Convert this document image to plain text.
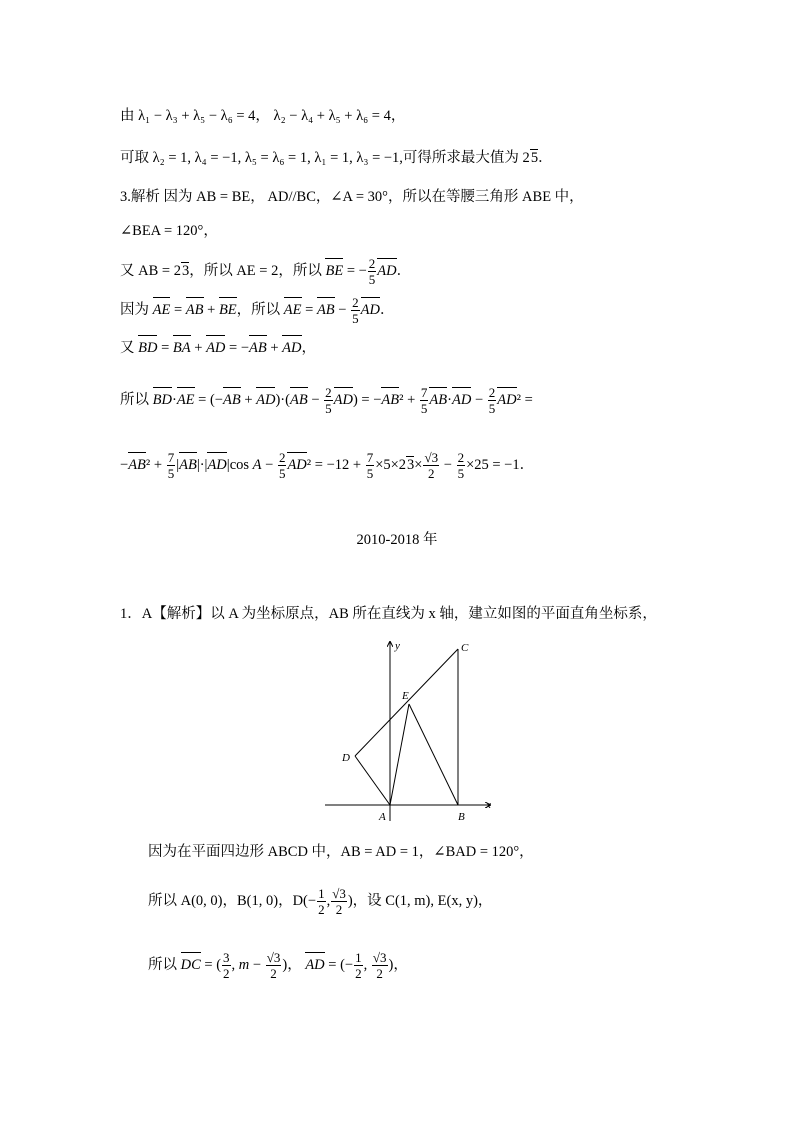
由 λ₁ − λ₃ + λ₅ − λ₆ = 4， λ₂ − λ₄ + λ₅ + λ₆ = 4，
可取 λ₂ = 1, λ₄ = −1, λ₅ = λ₆ = 1, λ₁ = 1, λ₃ = −1,可得所求最大值为 25．
3.解析 因为 AB = BE， AD//BC，∠A = 30°，所以在等腰三角形 ABE 中，
∠BEA = 120°，
又 AB = 23，所以 AE = 2，所以 BE = − $\frac{2}{5}$ AD．
因为 AE = AB + BE，所以 AE = AB − $\frac{2}{5}$ AD．
又 BD = BA + AD = −AB + AD，
所以 $BD\cdot AE = (-AB + AD)\cdot(AB - \frac{2}{5} AD) = -AB^2 + \frac{7}{5} AB\cdot AD - \frac{2}{5} AD^2$ =
$-AB^2 + \frac{7}{5} |AB|\cdot|AD|\cos$ $A - \frac{2}{5} AD^2 = -12 + \frac{7}{5} \times 5\times 23\times \frac{√3}{2} - \frac{2}{5} \times 25 = -1$．
2010-2018 年
1．A【解析】以 A 为坐标原点，AB 所在直线为 x 轴，建立如图的平面直角坐标系，
y
x
C
E
D
A	B
因为在平面四边形 ABCD 中，AB = AD = 1，∠BAD = 120°，
所以 A(0, 0)，B(1, 0)，$D(- \frac{1}{2}$ , $\frac{√3}{2}$ )，设 C(1, m), E(x, y)，
所以 DC = ( $\frac{3}{2}$ , $m - \frac{√3}{2}$ )， AD = (− $\frac{1}{2}$ , $\frac{√3}{2}$ )，
